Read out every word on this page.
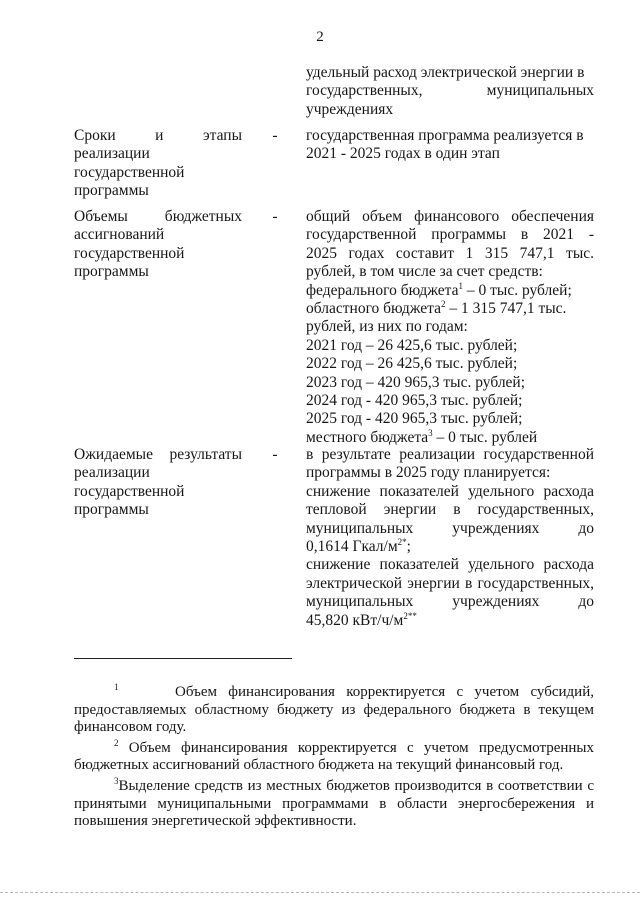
2
удельный расход электрической энергии в
государственных, муниципальных
учреждениях
Сроки и этапы реализации государственной программы
- государственная программа реализуется в
2021 - 2025 годах в один этап
Объемы бюджетных ассигнований государственной программы
- общий объем финансового обеспечения
государственной программы в 2021 -
2025 годах составит 1 315 747,1 тыс.
рублей, в том числе за счет средств:
федерального бюджета$^1$ – 0 тыс. рублей;
областного бюджета$^2$ – 1 315 747,1 тыс.
рублей, из них по годам:
2021 год – 26 425,6 тыс. рублей;
2022 год – 26 425,6 тыс. рублей;
2023 год – 420 965,3 тыс. рублей;
2024 год - 420 965,3 тыс. рублей;
2025 год - 420 965,3 тыс. рублей;
местного бюджета$^3$ – 0 тыс. рублей
Ожидаемые результаты реализации государственной программы
- в результате реализации государственной
программы в 2025 году планируется:
снижение показателей удельного расхода
тепловой энергии в государственных,
муниципальных учреждениях до
0,1614 Гкал/$м^{2*}$;
снижение показателей удельного расхода
электрической энергии в государственных,
муниципальных учреждениях до
45,820 кВт/$ч/м^{2**}$

$^1$	Объем финансирования корректируется с учетом субсидий, предоставляемых областному бюджету из федерального бюджета в текущем финансовом году.

$^2$ Объем финансирования корректируется с учетом предусмотренных бюджетных ассигнований областного бюджета на текущий финансовый год.

$^3$Выделение средств из местных бюджетов производится в соответствии с принятыми муниципальными программами в области энергосбережения и повышения энергетической эффективности.
